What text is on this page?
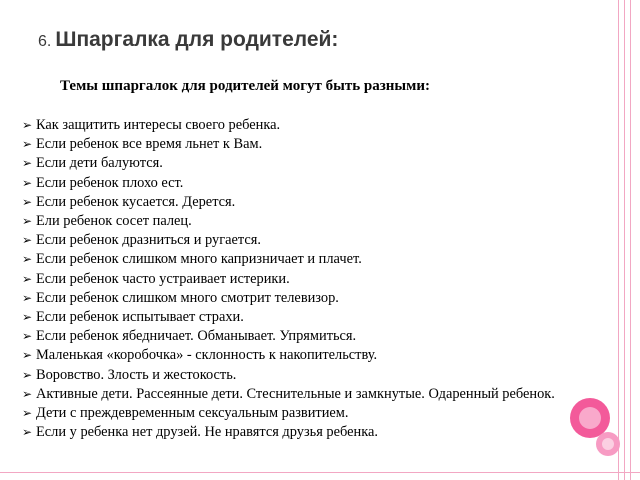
6. Шпаргалка для родителей:
Темы шпаргалок для родителей могут быть разными:
➢ Как защитить интересы своего ребенка.
➢ Если ребенок все время льнет к Вам.
➢ Если дети балуются.
➢ Если ребенок плохо ест.
➢ Если ребенок кусается. Дерется.
➢ Ели ребенок сосет палец.
➢ Если ребенок дразниться и ругается.
➢ Если ребенок слишком много капризничает и плачет.
➢ Если ребенок часто устраивает истерики.
➢ Если ребенок слишком много смотрит телевизор.
➢ Если ребенок испытывает страхи.
➢ Если ребенок ябедничает. Обманывает. Упрямиться.
➢ Маленькая «коробочка» - склонность к накопительству.
➢ Воровство. Злость и жестокость.
➢ Активные дети. Рассеянные дети. Стеснительные и замкнутые. Одаренный ребенок.
➢ Дети с преждевременным сексуальным развитием.
➢ Если у ребенка нет друзей. Не нравятся друзья ребенка.
